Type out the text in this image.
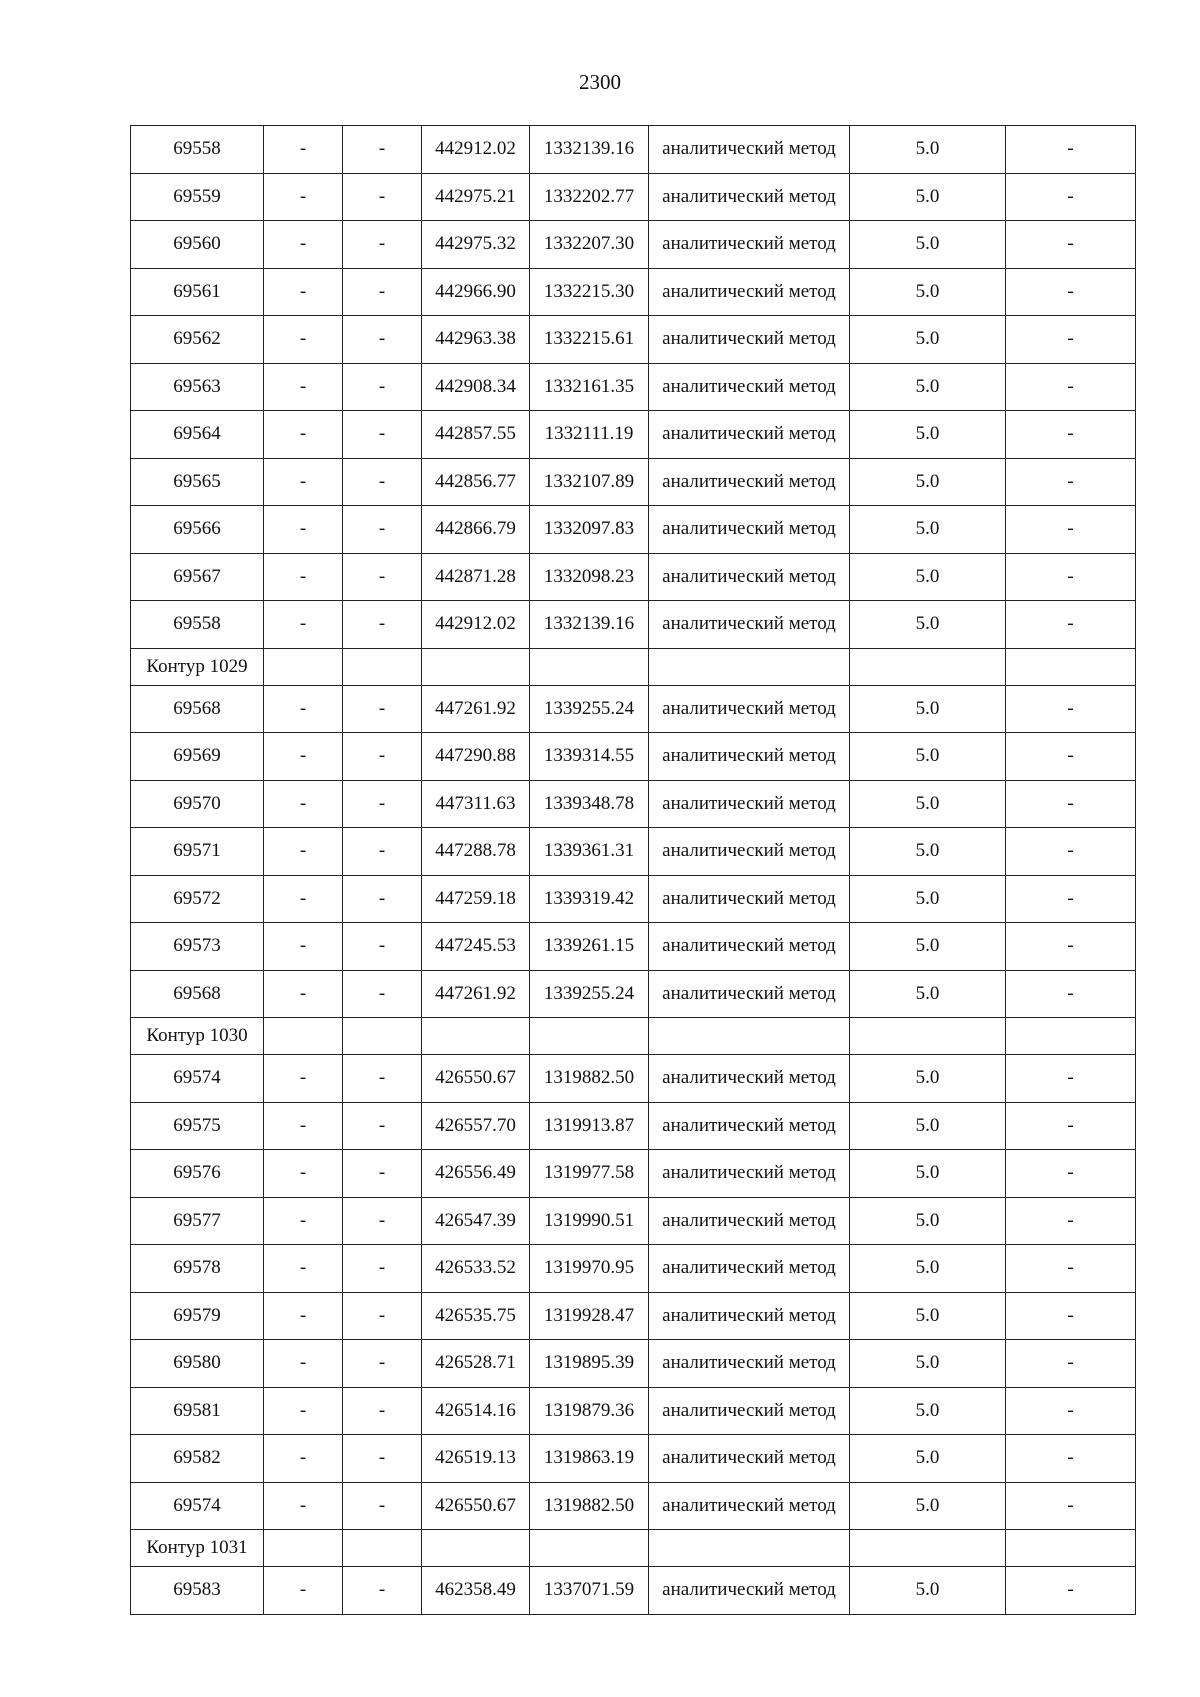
2300
69558	-	-	442912.02	1332139.16	аналитический метод	5.0	-
69559	-	-	442975.21	1332202.77	аналитический метод	5.0	-
69560	-	-	442975.32	1332207.30	аналитический метод	5.0	-
69561	-	-	442966.90	1332215.30	аналитический метод	5.0	-
69562	-	-	442963.38	1332215.61	аналитический метод	5.0	-
69563	-	-	442908.34	1332161.35	аналитический метод	5.0	-
69564	-	-	442857.55	1332111.19	аналитический метод	5.0	-
69565	-	-	442856.77	1332107.89	аналитический метод	5.0	-
69566	-	-	442866.79	1332097.83	аналитический метод	5.0	-
69567	-	-	442871.28	1332098.23	аналитический метод	5.0	-
69558	-	-	442912.02	1332139.16	аналитический метод	5.0	-
Контур 1029							
69568	-	-	447261.92	1339255.24	аналитический метод	5.0	-
69569	-	-	447290.88	1339314.55	аналитический метод	5.0	-
69570	-	-	447311.63	1339348.78	аналитический метод	5.0	-
69571	-	-	447288.78	1339361.31	аналитический метод	5.0	-
69572	-	-	447259.18	1339319.42	аналитический метод	5.0	-
69573	-	-	447245.53	1339261.15	аналитический метод	5.0	-
69568	-	-	447261.92	1339255.24	аналитический метод	5.0	-
Контур 1030							
69574	-	-	426550.67	1319882.50	аналитический метод	5.0	-
69575	-	-	426557.70	1319913.87	аналитический метод	5.0	-
69576	-	-	426556.49	1319977.58	аналитический метод	5.0	-
69577	-	-	426547.39	1319990.51	аналитический метод	5.0	-
69578	-	-	426533.52	1319970.95	аналитический метод	5.0	-
69579	-	-	426535.75	1319928.47	аналитический метод	5.0	-
69580	-	-	426528.71	1319895.39	аналитический метод	5.0	-
69581	-	-	426514.16	1319879.36	аналитический метод	5.0	-
69582	-	-	426519.13	1319863.19	аналитический метод	5.0	-
69574	-	-	426550.67	1319882.50	аналитический метод	5.0	-
Контур 1031							
69583	-	-	462358.49	1337071.59	аналитический метод	5.0	-
